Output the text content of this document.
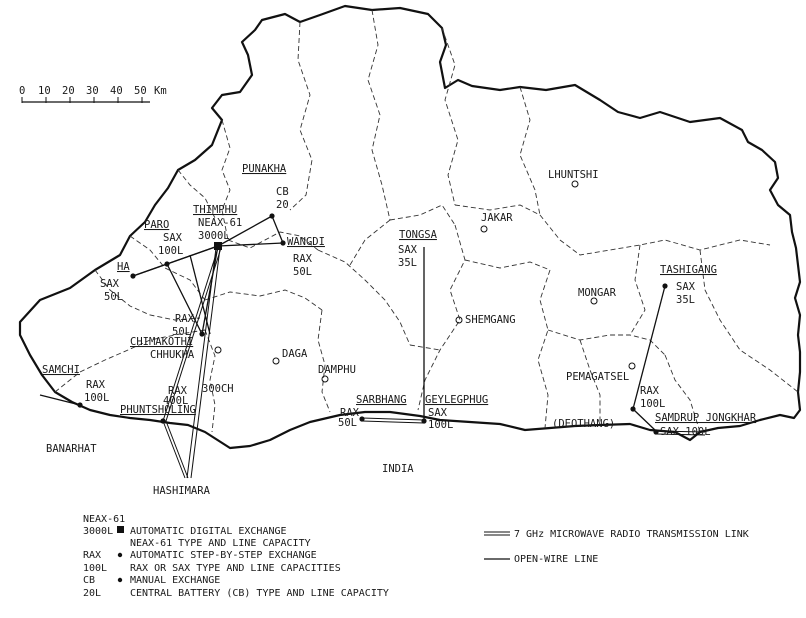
0 10 20 30 40 50 Km
PUNAKHA
CB
20
THIMPHU
NEAX-61
3000L	WANGDI
RAX
50L
PARO
SAX
100L
HA
SAX
50L
RAX
50L
CHIMAKOTHI
CHHUKHA
SAMCHI
RAX
100L
BANARHAT
RAX
400L
PHUNTSHOLING
300CH
HASHIMARA
DAGA
DAMPHU
TONGSA
SAX
35L
JAKAR
LHUNTSHI
SHEMGANG
SARBHANG
RAX
50L
GEYLEGPHUG
SAX
100L
MONGAR
TASHIGANG
SAX
35L
PEMAGATSEL
RAX
100L
(DEOTHANG)	SAMDRUP JONGKHAR
SAX 100L
INDIA
NEAX-61
3000L AUTOMATIC DIGITAL EXCHANGE
NEAX-61 TYPE AND LINE CAPACITY
RAX	AUTOMATIC STEP-BY-STEP EXCHANGE
100L RAX OR SAX TYPE AND LINE CAPACITIES
CB	MANUAL EXCHANGE
20L	CENTRAL BATTERY (CB) TYPE AND LINE CAPACITY
7 GHz MICROWAVE RADIO TRANSMISSION LINK
OPEN-WIRE LINE
